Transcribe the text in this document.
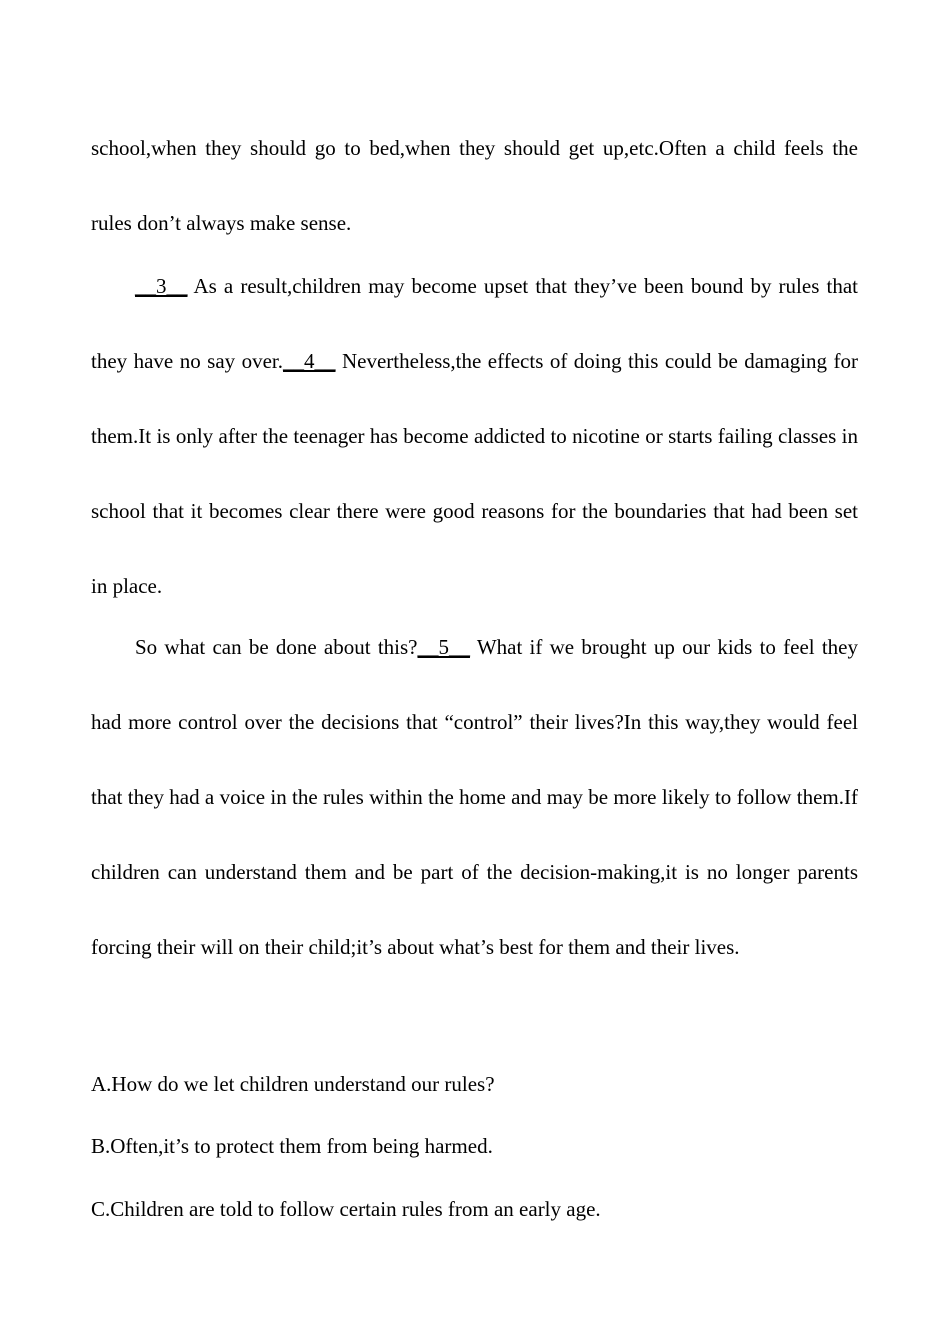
school,when they should go to bed,when they should get up,etc.Often a child feels the rules don’t always make sense.

__3__ As a result,children may become upset that they’ve been bound by rules that they have no say over.__4__ Nevertheless,the effects of doing this could be damaging for them.It is only after the teenager has become addicted to nicotine or starts failing classes in school that it becomes clear there were good reasons for the boundaries that had been set in place.

So what can be done about this?__5__ What if we brought up our kids to feel they had more control over the decisions that “control” their lives?In this way,they would feel that they had a voice in the rules within the home and may be more likely to follow them.If children can understand them and be part of the decision-making,it is no longer parents forcing their will on their child;it’s about what’s best for them and their lives.

A.How do we let children understand our rules?

B.Often,it’s to protect them from being harmed.

C.Children are told to follow certain rules from an early age.
